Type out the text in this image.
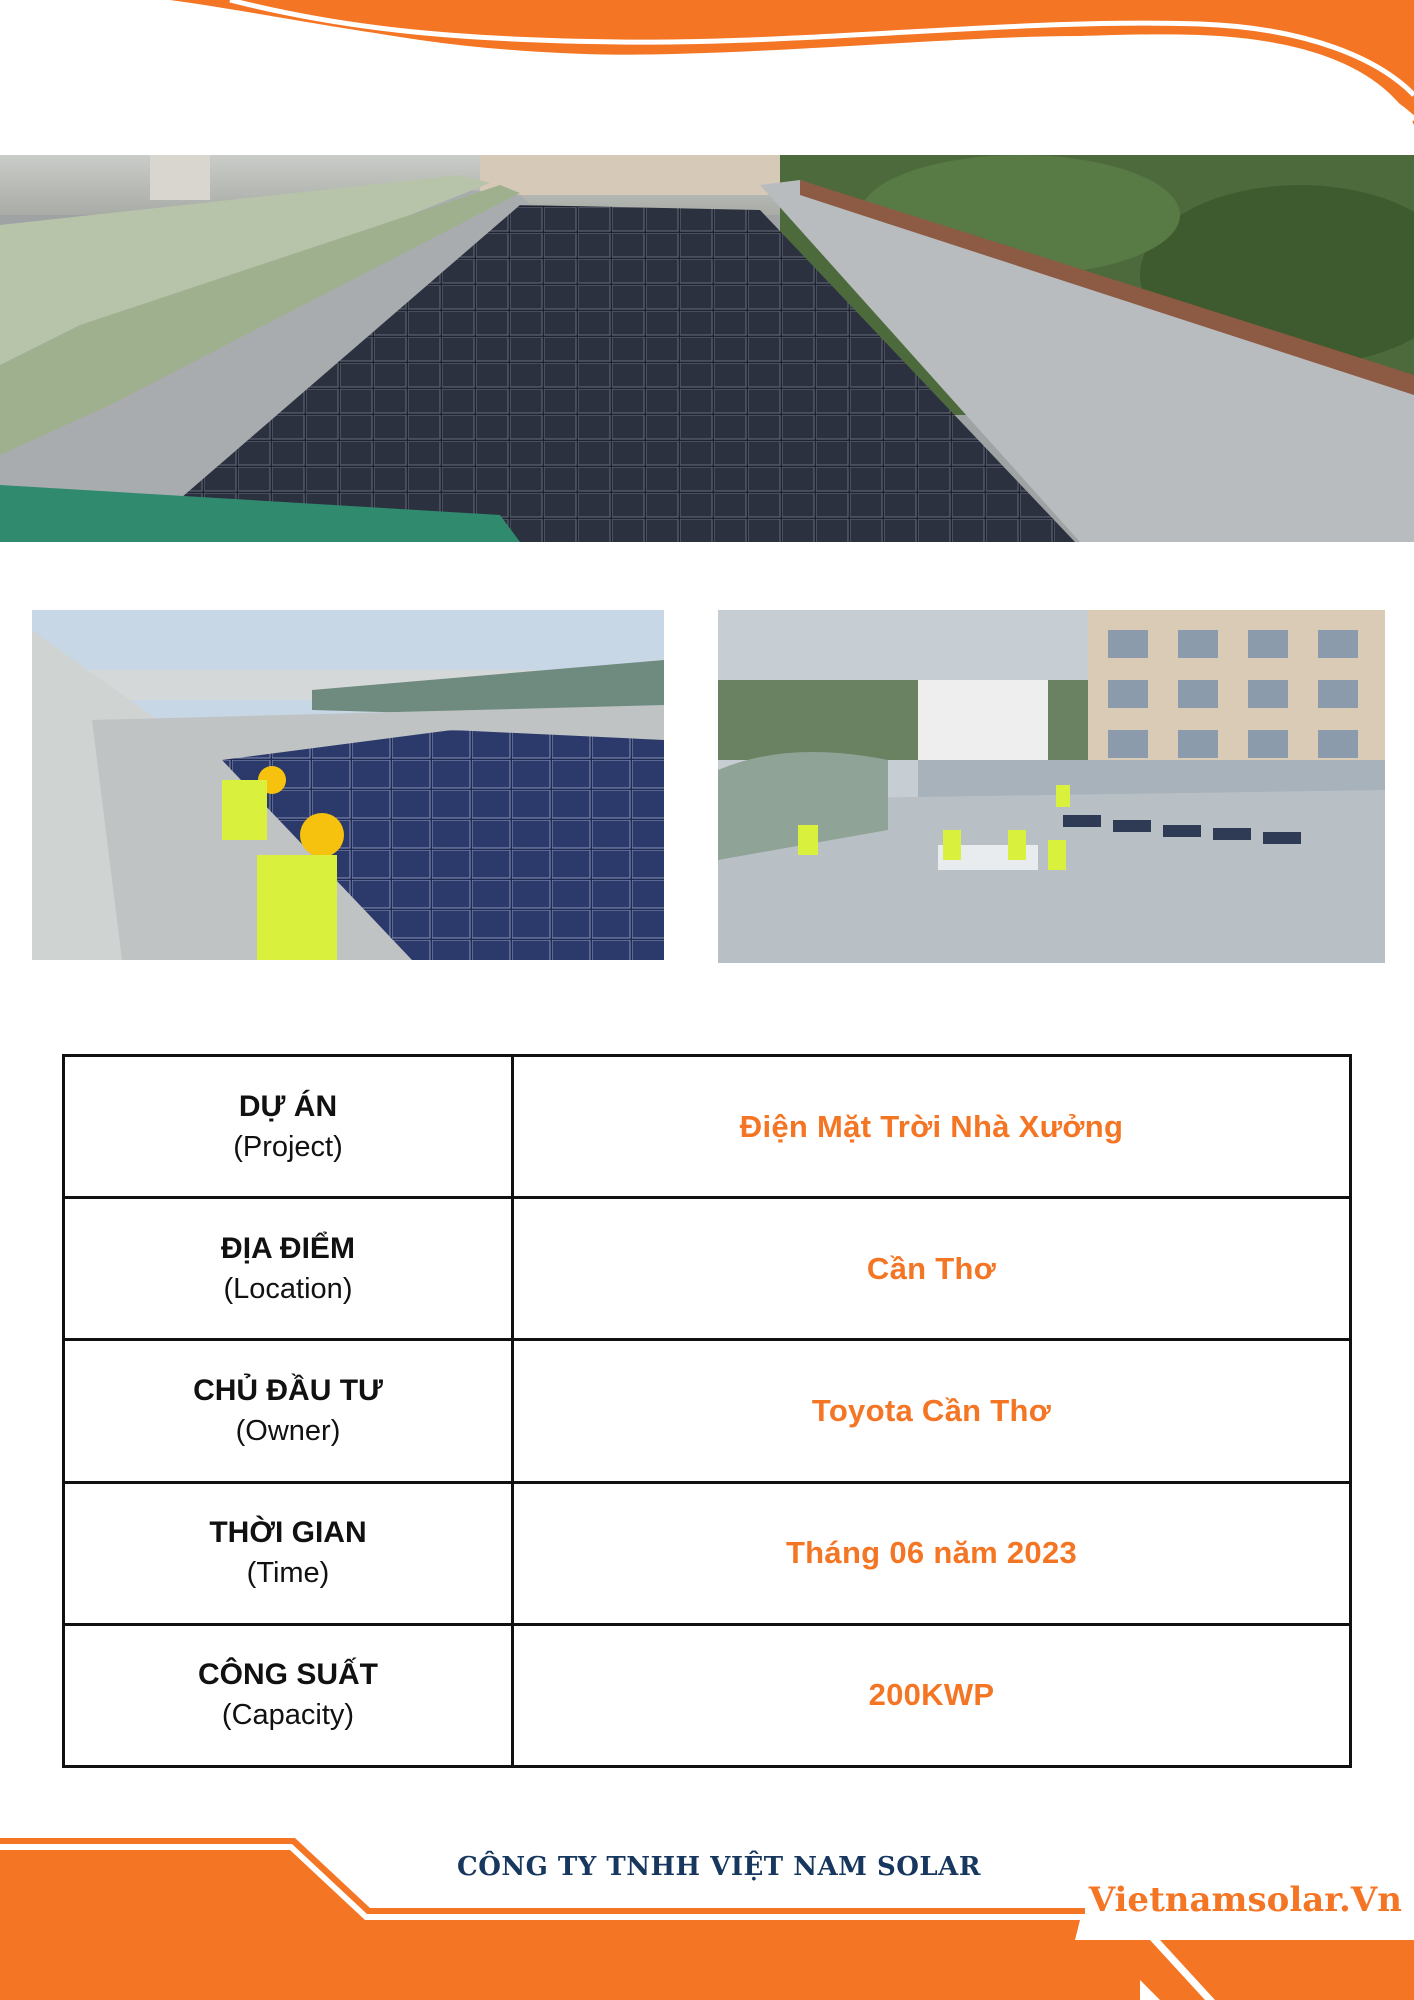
DỰ ÁN
(Project)	Điện Mặt Trời Nhà Xưởng

ĐỊA ĐIỂM
(Location)	Cần Thơ

CHỦ ĐẦU TƯ
(Owner)	Toyota Cần Thơ

THỜI GIAN
(Time)	Tháng 06 năm 2023

CÔNG SUẤT
(Capacity)	200KWP
CÔNG TY TNHH VIỆT NAM SOLAR
Vietnamsolar.Vn
